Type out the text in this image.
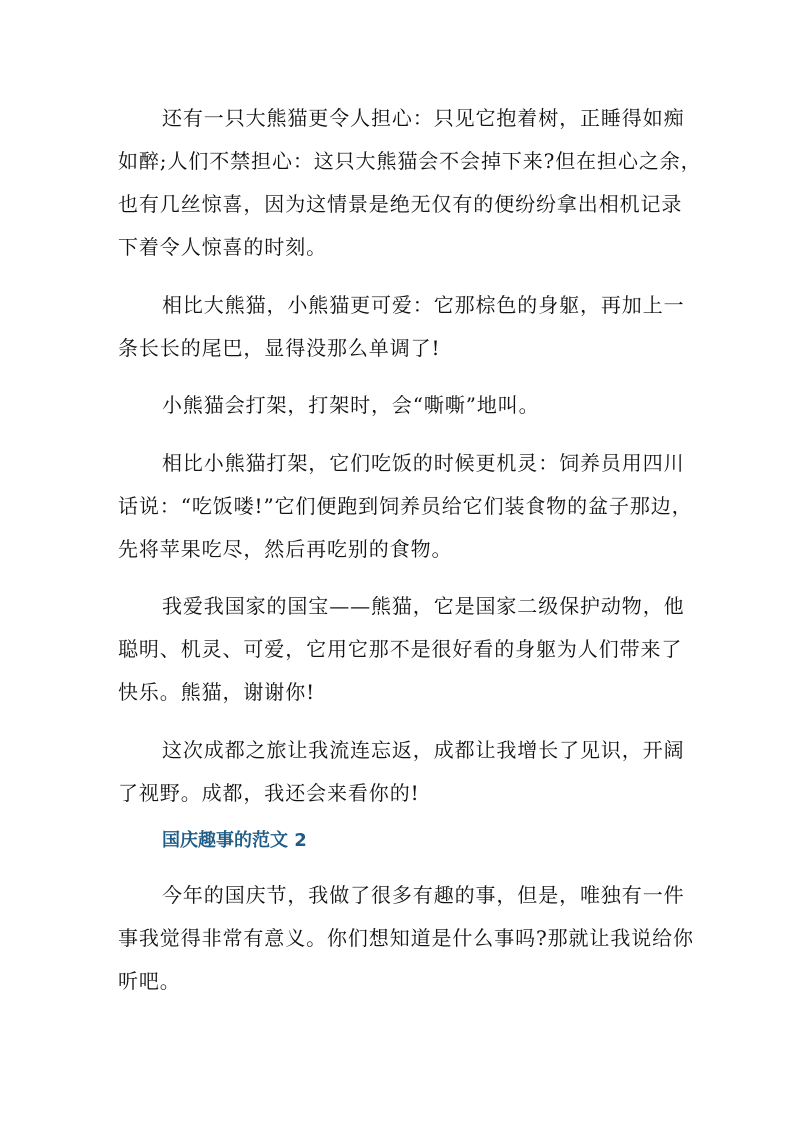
还有一只大熊猫更令人担心：只见它抱着树，正睡得如痴
如醉;人们不禁担心：这只大熊猫会不会掉下来?但在担心之余，
也有几丝惊喜，因为这情景是绝无仅有的便纷纷拿出相机记录
下着令人惊喜的时刻。
相比大熊猫，小熊猫更可爱：它那棕色的身躯，再加上一
条长长的尾巴，显得没那么单调了!
小熊猫会打架，打架时，会“嘶嘶”地叫。
相比小熊猫打架，它们吃饭的时候更机灵：饲养员用四川
话说：“吃饭喽!”它们便跑到饲养员给它们装食物的盆子那边，
先将苹果吃尽，然后再吃别的食物。
我爱我国家的国宝——熊猫，它是国家二级保护动物，他
聪明、机灵、可爱，它用它那不是很好看的身躯为人们带来了
快乐。熊猫，谢谢你!
这次成都之旅让我流连忘返，成都让我增长了见识，开阔
了视野。成都，我还会来看你的!
国庆趣事的范文 2
今年的国庆节，我做了很多有趣的事，但是，唯独有一件
事我觉得非常有意义。你们想知道是什么事吗?那就让我说给你
听吧。
